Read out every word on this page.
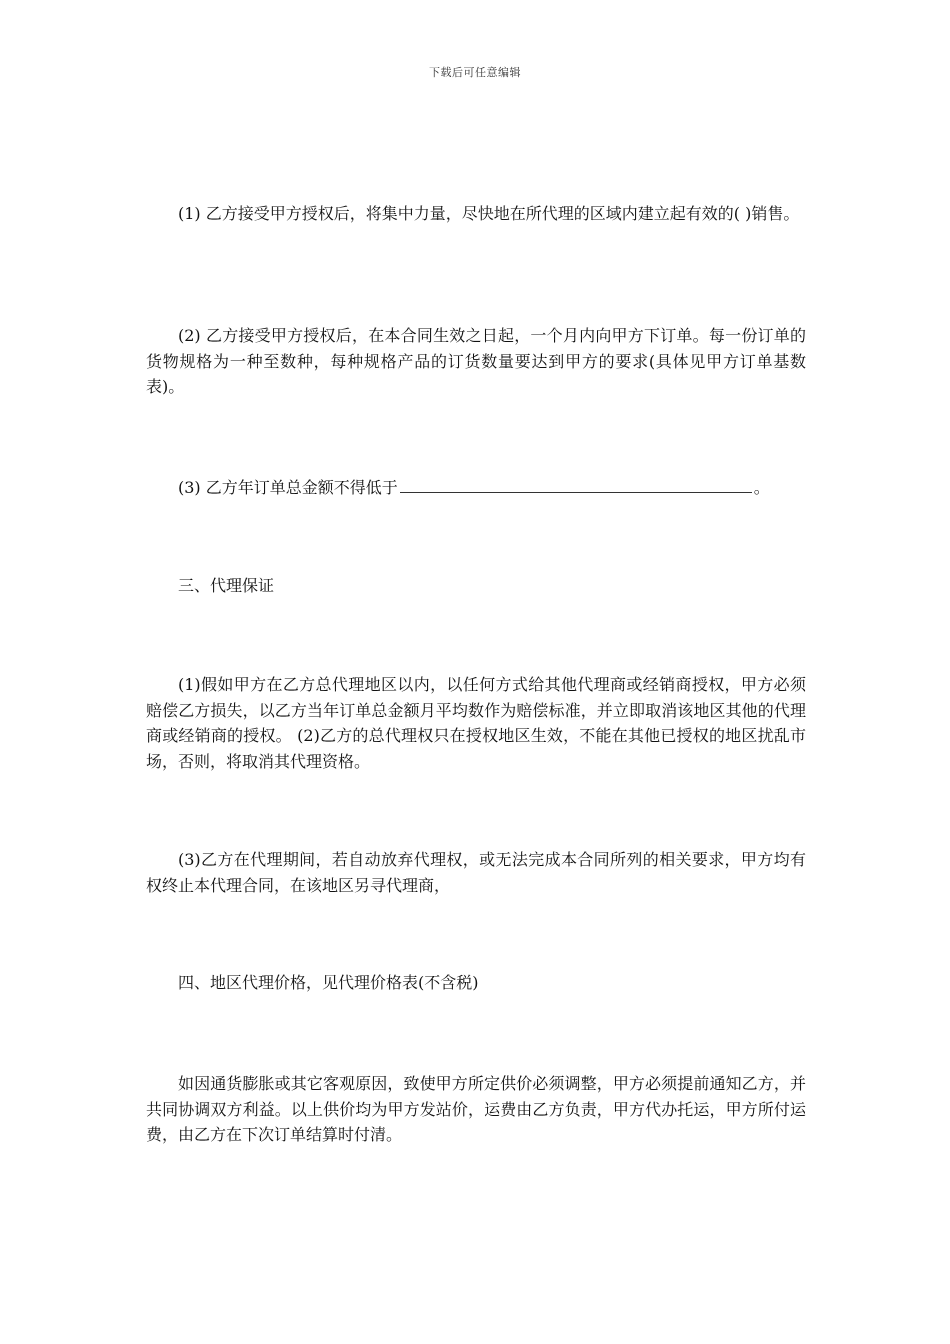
下载后可任意编辑

(1) 乙方接受甲方授权后，将集中力量，尽快地在所代理的区域内建立起有效的( )销售。

(2) 乙方接受甲方授权后，在本合同生效之日起，一个月内向甲方下订单。每一份订单的货物规格为一种至数种，每种规格产品的订货数量要达到甲方的要求(具体见甲方订单基数表)。

(3) 乙方年订单总金额不得低于	。

三、代理保证

(1)假如甲方在乙方总代理地区以内，以任何方式给其他代理商或经销商授权，甲方必须赔偿乙方损失，以乙方当年订单总金额月平均数作为赔偿标准，并立即取消该地区其他的代理商或经销商的授权。 (2)乙方的总代理权只在授权地区生效，不能在其他已授权的地区扰乱市场，否则，将取消其代理资格。

(3)乙方在代理期间，若自动放弃代理权，或无法完成本合同所列的相关要求，甲方均有权终止本代理合同，在该地区另寻代理商，

四、地区代理价格，见代理价格表(不含税)

如因通货膨胀或其它客观原因，致使甲方所定供价必须调整，甲方必须提前通知乙方，并共同协调双方利益。以上供价均为甲方发站价，运费由乙方负责，甲方代办托运，甲方所付运费，由乙方在下次订单结算时付清。
